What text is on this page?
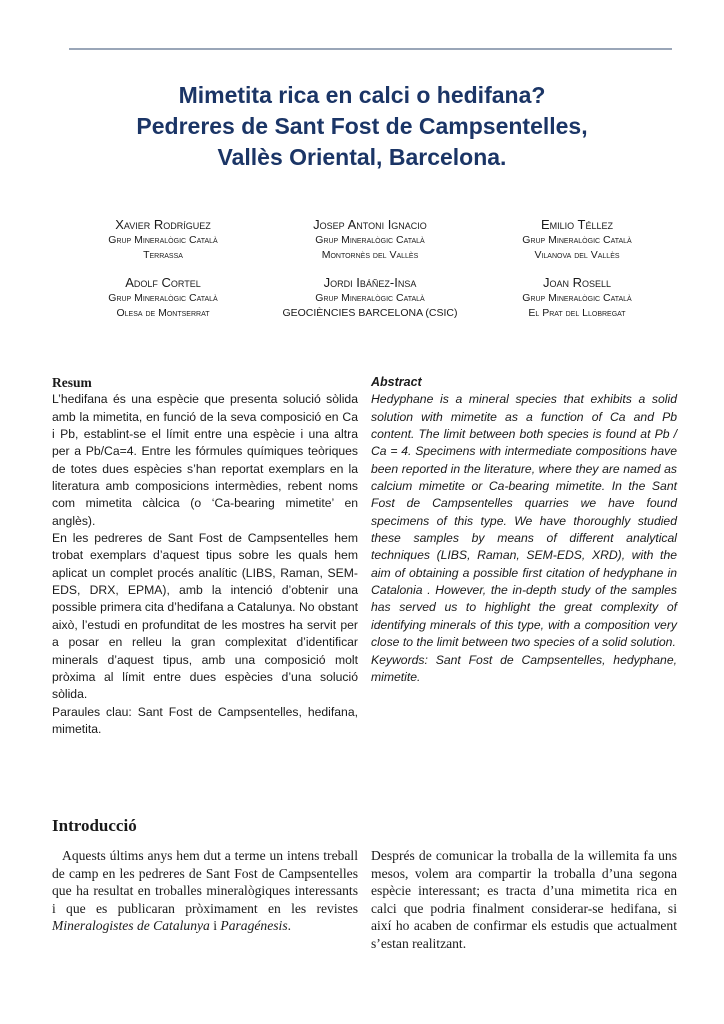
Mimetita rica en calci o hedifana?
Pedreres de Sant Fost de Campsentelles,
Vallès Oriental, Barcelona.
Xavier Rodríguez
Grup Mineralògic Català
Terrassa
Josep Antoni Ignacio
Grup Mineralògic Català
Montornès del Vallès
Emilio Téllez
Grup Mineralògic Català
Vilanova del Vallès
Adolf Cortel
Grup Mineralògic Català
Olesa de Montserrat
Jordi Ibáñez-Insa
Grup Mineralògic Català
GEOCIÈNCIES BARCELONA (CSIC)
Joan Rosell
Grup Mineralògic Català
El Prat del Llobregat

Resum

L’hedifana és una espècie que presenta solució sòlida amb la mimetita, en funció de la seva composició en Ca i Pb, establint-se el límit entre una espècie i una altra per a Pb/Ca=4. Entre les fórmules químiques teòriques de totes dues espècies s’han reportat exemplars en la literatura amb composicions intermèdies, rebent noms com mimetita càlcica (o ‘Ca-bearing mimetite’ en anglès).

En les pedreres de Sant Fost de Campsentelles hem trobat exemplars d’aquest tipus sobre les quals hem aplicat un complet procés analític (LIBS, Raman, SEM-EDS, DRX, EPMA), amb la intenció d’obtenir una possible primera cita d’hedifana a Catalunya. No obstant això, l’estudi en profunditat de les mostres ha servit per a posar en relleu la gran complexitat d’identificar minerals d’aquest tipus, amb una composició molt pròxima al límit entre dues espècies d’una solució sòlida.

Paraules clau: Sant Fost de Campsentelles, hedifana, mimetita.

Abstract

Hedyphane is a mineral species that exhibits a solid solution with mimetite as a function of Ca and Pb content. The limit between both species is found at Pb / Ca = 4. Specimens with intermediate compositions have been reported in the literature, where they are named as calcium mimetite or Ca-bearing mimetite. In the Sant Fost de Campsentelles quarries we have found specimens of this type. We have thoroughly studied these samples by means of different analytical techniques (LIBS, Raman, SEM-EDS, XRD), with the aim of obtaining a possible first citation of hedyphane in Catalonia . However, the in-depth study of the samples has served us to highlight the great complexity of identifying minerals of this type, with a composition very close to the limit between two species of a solid solution.

Keywords: Sant Fost de Campsentelles, hedyphane, mimetite.

Introducció

Aquests últims anys hem dut a terme un intens treball de camp en les pedreres de Sant Fost de Campsentelles que ha resultat en troballes mineralògiques interessants i que es publicaran pròximament en les revistes Mineralogistes de Catalunya i Paragénesis.

Després de comunicar la troballa de la willemita fa uns mesos, volem ara compartir la troballa d’una segona espècie interessant; es tracta d’una mimetita rica en calci que podria finalment considerar-se hedifana, si així ho acaben de confirmar els estudis que actualment s’estan realitzant.
